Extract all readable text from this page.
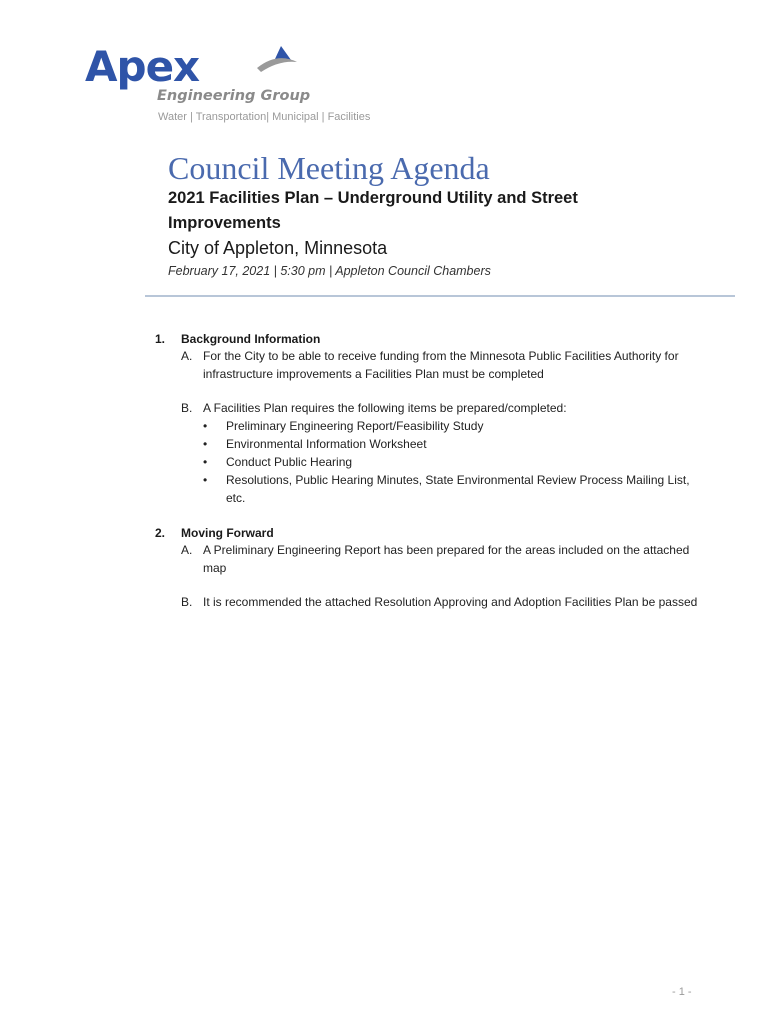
Apex
Engineering Group
Water | Transportation| Municipal | Facilities
Council Meeting Agenda
2021 Facilities Plan – Underground Utility and Street Improvements
City of Appleton, Minnesota
February 17, 2021 | 5:30 pm | Appleton Council Chambers
1. Background Information
A. For the City to be able to receive funding from the Minnesota Public Facilities Authority for infrastructure improvements a Facilities Plan must be completed
B. A Facilities Plan requires the following items be prepared/completed:
• Preliminary Engineering Report/Feasibility Study
• Environmental Information Worksheet
• Conduct Public Hearing
• Resolutions, Public Hearing Minutes, State Environmental Review Process Mailing List, etc.
2. Moving Forward
A. A Preliminary Engineering Report has been prepared for the areas included on the attached map
B. It is recommended the attached Resolution Approving and Adoption Facilities Plan be passed
- 1 -
